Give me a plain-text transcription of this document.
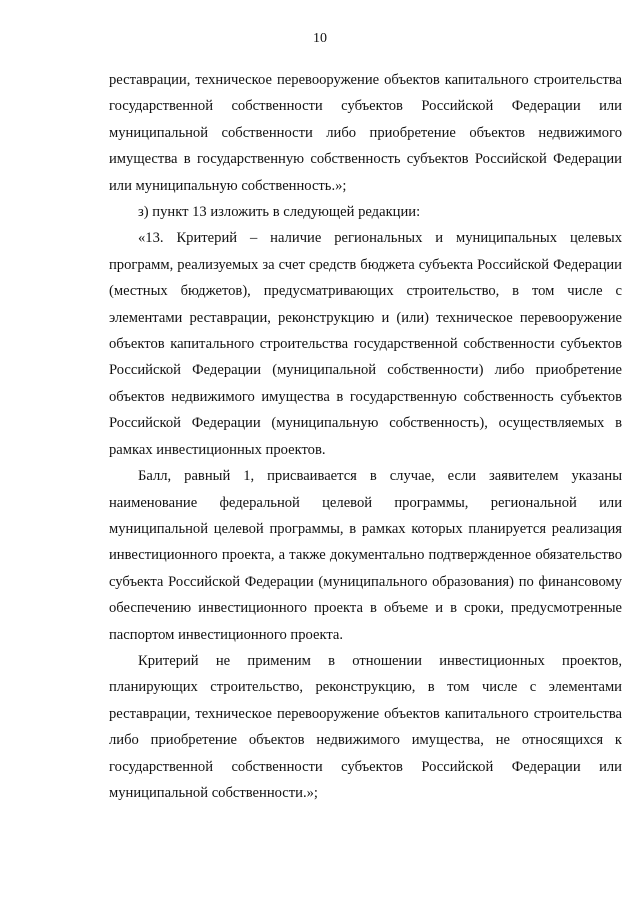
10

реставрации, техническое перевооружение объектов капитального строительства государственной собственности субъектов Российской Федерации или муниципальной собственности либо приобретение объектов недвижимого имущества в государственную собственность субъектов Российской Федерации или муниципальную собственность.»;

з) пункт 13 изложить в следующей редакции:

«13. Критерий – наличие региональных и муниципальных целевых программ, реализуемых за счет средств бюджета субъекта Российской Федерации (местных бюджетов), предусматривающих строительство, в том числе с элементами реставрации, реконструкцию и (или) техническое перевооружение объектов капитального строительства государственной собственности субъектов Российской Федерации (муниципальной собственности) либо приобретение объектов недвижимого имущества в государственную собственность субъектов Российской Федерации (муниципальную собственность), осуществляемых в рамках инвестиционных проектов.

Балл, равный 1, присваивается в случае, если заявителем указаны наименование федеральной целевой программы, региональной или муниципальной целевой программы, в рамках которых планируется реализация инвестиционного проекта, а также документально подтвержденное обязательство субъекта Российской Федерации (муниципального образования) по финансовому обеспечению инвестиционного проекта в объеме и в сроки, предусмотренные паспортом инвестиционного проекта.

Критерий не применим в отношении инвестиционных проектов, планирующих строительство, реконструкцию, в том числе с элементами реставрации, техническое перевооружение объектов капитального строительства либо приобретение объектов недвижимого имущества, не относящихся к государственной собственности субъектов Российской Федерации или муниципальной собственности.»;
